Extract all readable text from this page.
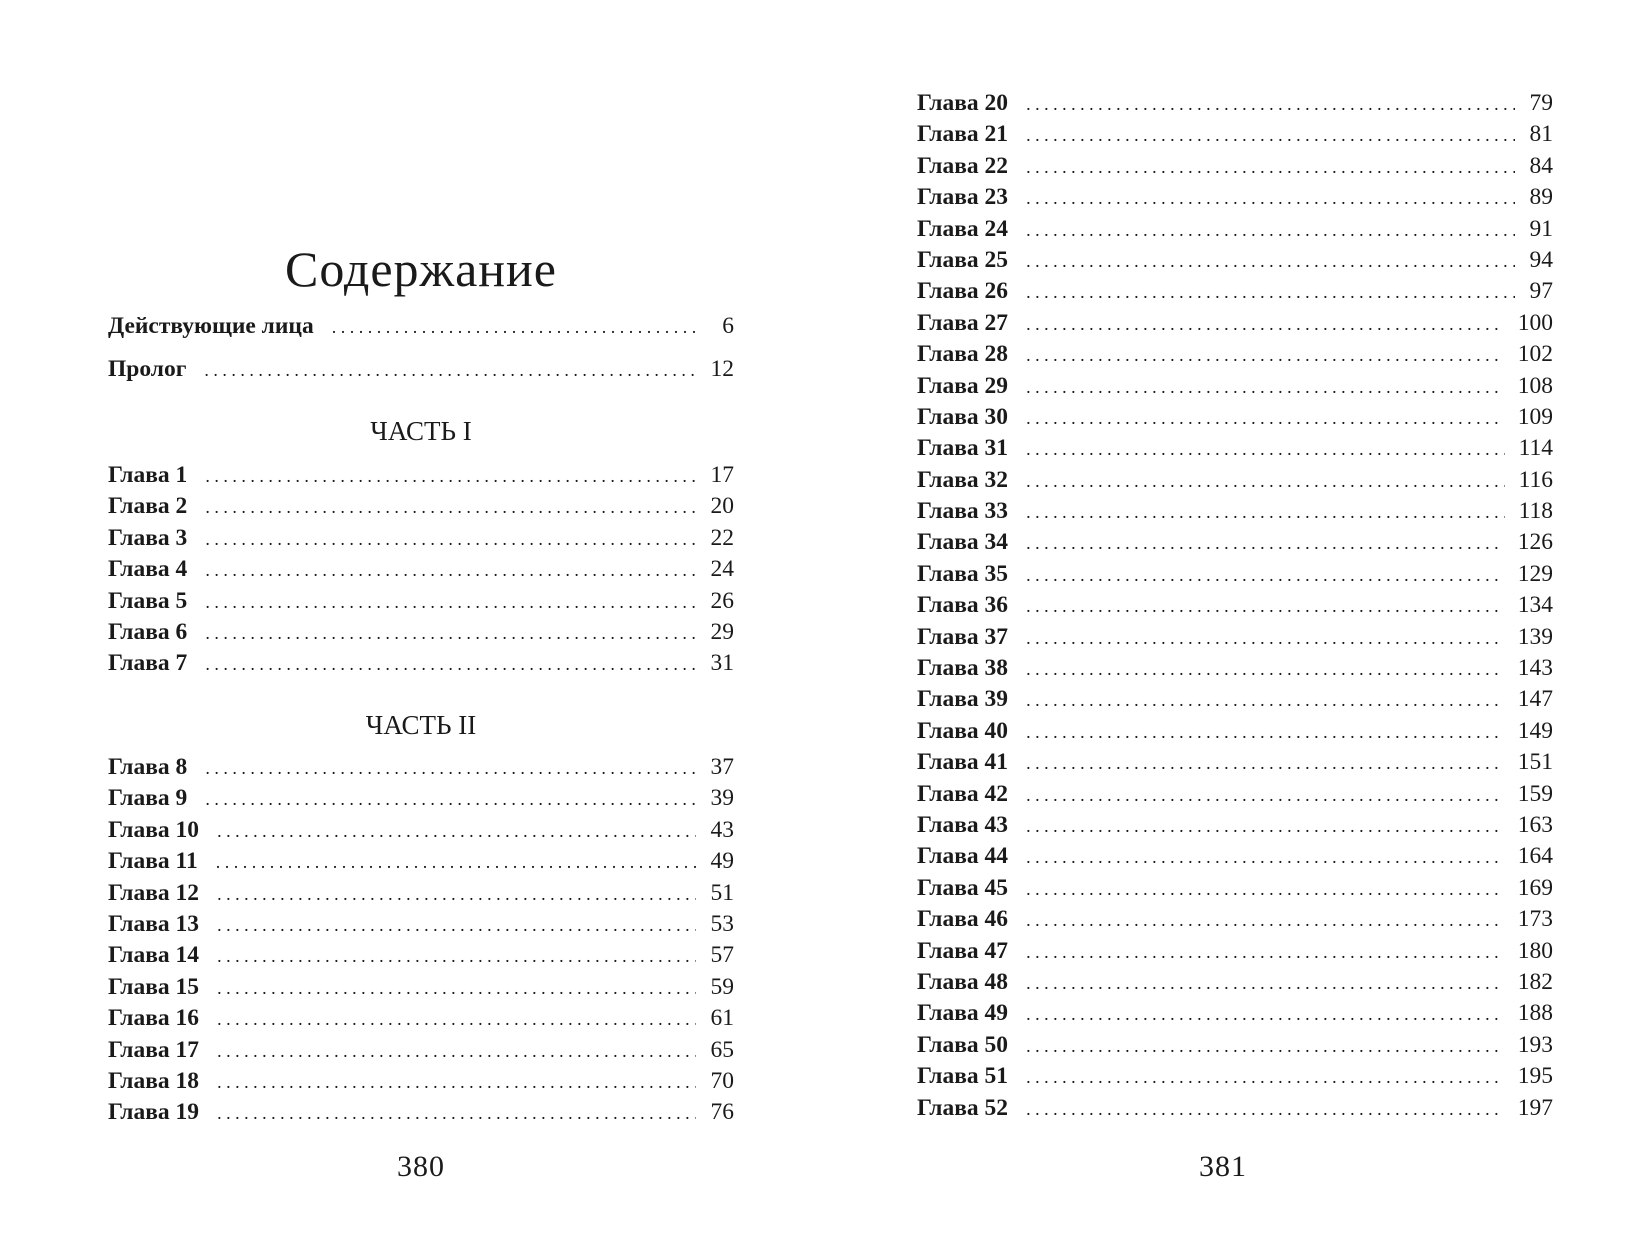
Содержание
Действующие лица . . .	6
Пролог . . .	12
ЧАСТЬ I
Глава 1 . . .	17
Глава 2 . . .	20
Глава 3 . . .	22
Глава 4 . . .	24
Глава 5 . . .	26
Глава 6 . . .	29
Глава 7 . . .	31
ЧАСТЬ II
Глава 8 . . .	37
Глава 9 . . .	39
Глава 10 . . .	43
Глава 11 . . .	49
Глава 12 . . .	51
Глава 13 . . .	53
Глава 14 . . .	57
Глава 15 . . .	59
Глава 16 . . .	61
Глава 17 . . .	65
Глава 18 . . .	70
Глава 19 . . .	76
380
Глава 20 . . .	79
Глава 21 . . .	81
Глава 22 . . .	84
Глава 23 . . .	89
Глава 24 . . .	91
Глава 25 . . .	94
Глава 26 . . .	97
Глава 27 . . .	100
Глава 28 . . .	102
Глава 29 . . .	108
Глава 30 . . .	109
Глава 31 . . .	114
Глава 32 . . .	116
Глава 33 . . .	118
Глава 34 . . .	126
Глава 35 . . .	129
Глава 36 . . .	134
Глава 37 . . .	139
Глава 38 . . .	143
Глава 39 . . .	147
Глава 40 . . .	149
Глава 41 . . .	151
Глава 42 . . .	159
Глава 43 . . .	163
Глава 44 . . .	164
Глава 45 . . .	169
Глава 46 . . .	173
Глава 47 . . .	180
Глава 48 . . .	182
Глава 49 . . .	188
Глава 50 . . .	193
Глава 51 . . .	195
Глава 52 . . .	197
381
